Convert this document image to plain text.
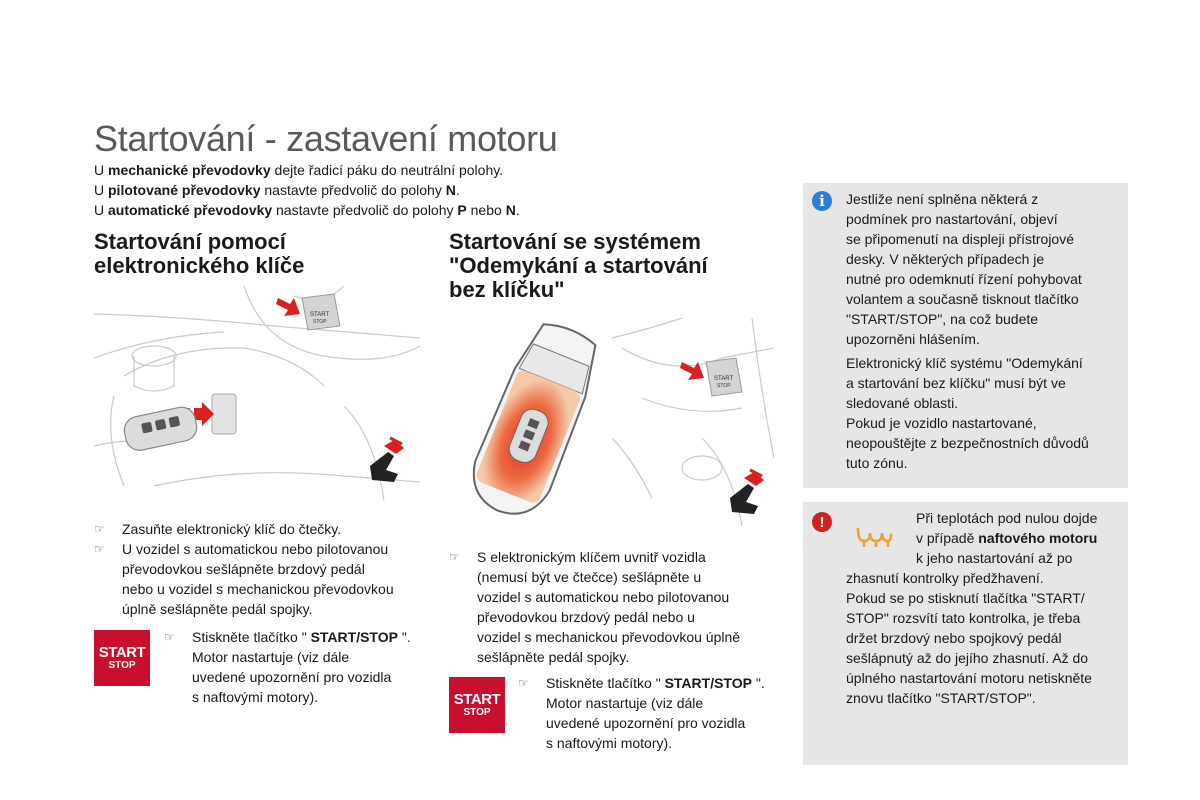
Startování - zastavení motoru
U mechanické převodovky dejte řadicí páku do neutrální polohy.
U pilotované převodovky nastavte předvolič do polohy N.
U automatické převodovky nastavte předvolič do polohy P nebo N.
Startování pomocí
elektronického klíče
START
STOP
☞ Zasuňte elektronický klíč do čtečky.
☞ U vozidel s automatickou nebo pilotovanou
převodovkou sešlápněte brzdový pedál
nebo u vozidel s mechanickou převodovkou
úplně sešlápněte pedál spojky.
START
STOP
☞ Stiskněte tlačítko " START/STOP ".
Motor nastartuje (viz dále
uvedené upozornění pro vozidla
s naftovými motory).
Startování se systémem
"Odemykání a startování
bez klíčku"
START
STOP
☞ S elektronickým klíčem uvnitř vozidla
(nemusí být ve čtečce) sešlápněte u
vozidel s automatickou nebo pilotovanou
převodovkou brzdový pedál nebo u
vozidel s mechanickou převodovkou úplně
sešlápněte pedál spojky.
START
STOP
☞ Stiskněte tlačítko " START/STOP ".
Motor nastartuje (viz dále
uvedené upozornění pro vozidla
s naftovými motory).
i	Jestliže není splněna některá z
podmínek pro nastartování, objeví
se připomenutí na displeji přístrojové
desky. V některých případech je
nutné pro odemknutí řízení pohybovat
volantem a současně tisknout tlačítko
"START/STOP", na což budete
upozorněni hlášením.
Elektronický klíč systému "Odemykání
a startování bez klíčku" musí být ve
sledované oblasti.
Pokud je vozidlo nastartované,
neopouštějte z bezpečnostních důvodů
tuto zónu.
!	Při teplotách pod nulou dojde
v případě naftového motoru
k jeho nastartování až po
zhasnutí kontrolky předžhavení.
Pokud se po stisknutí tlačítka "START/
STOP" rozsvítí tato kontrolka, je třeba
držet brzdový nebo spojkový pedál
sešlápnutý až do jejího zhasnutí. Až do
úplného nastartování motoru netiskněte
znovu tlačítko "START/STOP".
